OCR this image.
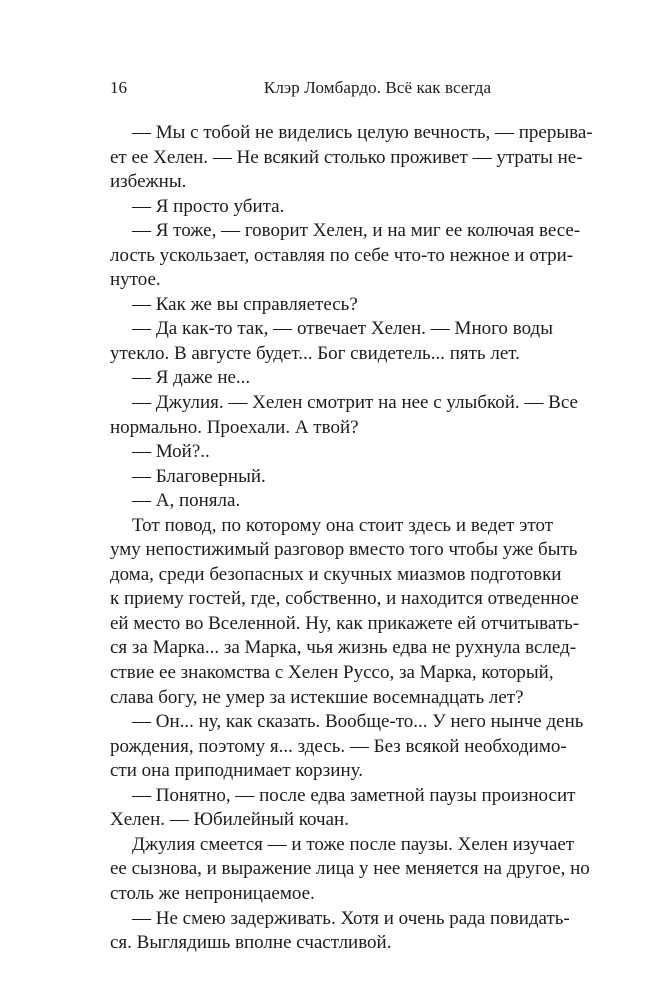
16	Клэр Ломбардо. Всё как всегда
— Мы с тобой не виделись целую вечность, — прерыва-
ет ее Хелен. — Не всякий столько проживет — утраты не-
избежны.
— Я просто убита.
— Я тоже, — говорит Хелен, и на миг ее колючая весе-
лость ускользает, оставляя по себе что-то нежное и отри-
нутое.
— Как же вы справляетесь?
— Да как-то так, — отвечает Хелен. — Много воды
утекло. В августе будет... Бог свидетель... пять лет.
— Я даже не...
— Джулия. — Хелен смотрит на нее с улыбкой. — Все
нормально. Проехали. А твой?
— Мой?..
— Благоверный.
— А, поняла.
Тот повод, по которому она стоит здесь и ведет этот
уму непостижимый разговор вместо того чтобы уже быть
дома, среди безопасных и скучных миазмов подготовки
к приему гостей, где, собственно, и находится отведенное
ей место во Вселенной. Ну, как прикажете ей отчитывать-
ся за Марка... за Марка, чья жизнь едва не рухнула вслед-
ствие ее знакомства с Хелен Руссо, за Марка, который,
слава богу, не умер за истекшие восемнадцать лет?
— Он... ну, как сказать. Вообще-то... У него нынче день
рождения, поэтому я... здесь. — Без всякой необходимо-
сти она приподнимает корзину.
— Понятно, — после едва заметной паузы произносит
Хелен. — Юбилейный кочан.
Джулия смеется — и тоже после паузы. Хелен изучает
ее сызнова, и выражение лица у нее меняется на другое, но
столь же непроницаемое.
— Не смею задерживать. Хотя и очень рада повидать-
ся. Выглядишь вполне счастливой.
